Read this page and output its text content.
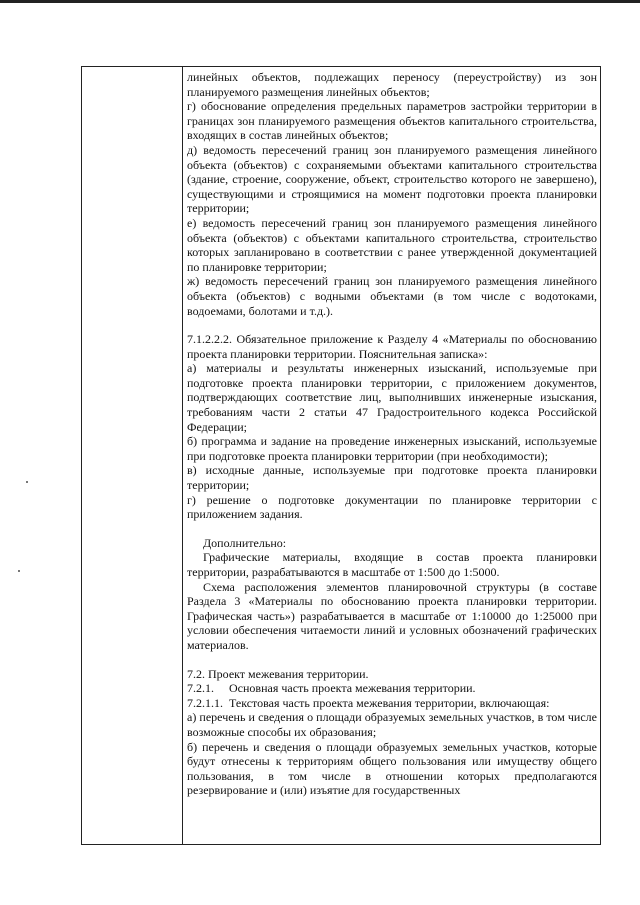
линейных объектов, подлежащих переносу (переустройству) из зон планируемого размещения линейных объектов;

г) обоснование определения предельных параметров застройки территории в границах зон планируемого размещения объектов капитального строительства, входящих в состав линейных объектов;

д) ведомость пересечений границ зон планируемого размещения линейного объекта (объектов) с сохраняемыми объектами капитального строительства (здание, строение, сооружение, объект, строительство которого не завершено), существующими и строящимися на момент подготовки проекта планировки территории;

е) ведомость пересечений границ зон планируемого размещения линейного объекта (объектов) с объектами капитального строительства, строительство которых запланировано в соответствии с ранее утвержденной документацией по планировке территории;

ж) ведомость пересечений границ зон планируемого размещения линейного объекта (объектов) с водными объектами (в том числе с водотоками, водоемами, болотами и т.д.).

7.1.2.2.2. Обязательное приложение к Разделу 4 «Материалы по обоснованию проекта планировки территории. Пояснительная записка»:

а) материалы и результаты инженерных изысканий, используемые при подготовке проекта планировки территории, с приложением документов, подтверждающих соответствие лиц, выполнивших инженерные изыскания, требованиям части 2 статьи 47 Градостроительного кодекса Российской Федерации;

б) программа и задание на проведение инженерных изысканий, используемые при подготовке проекта планировки территории (при необходимости);

в) исходные данные, используемые при подготовке проекта планировки территории;

г) решение о подготовке документации по планировке территории с приложением задания.

Дополнительно:

Графические материалы, входящие в состав проекта планировки территории, разрабатываются в масштабе от 1:500 до 1:5000.

Схема расположения элементов планировочной структуры (в составе Раздела 3 «Материалы по обоснованию проекта планировки территории. Графическая часть») разрабатывается в масштабе от 1:10000 до 1:25000 при условии обеспечения читаемости линий и условных обозначений графических материалов.

7.2. Проект межевания территории.

7.2.1.     Основная часть проекта межевания территории.

7.2.1.1.  Текстовая часть проекта межевания территории, включающая:

а) перечень и сведения о площади образуемых земельных участков, в том числе возможные способы их образования;

б) перечень и сведения о площади образуемых земельных участков, которые будут отнесены к территориям общего пользования или имуществу общего пользования, в том числе в отношении которых предполагаются резервирование и (или) изъятие для государственных
